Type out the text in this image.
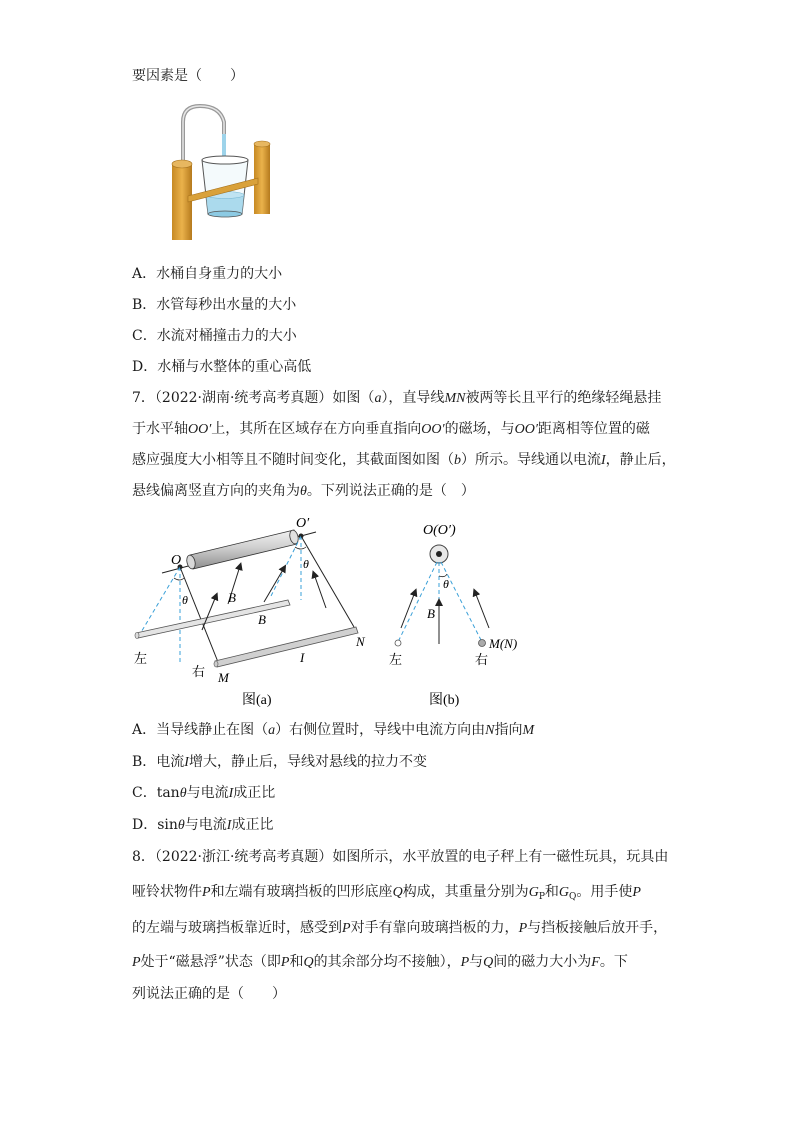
要因素是（　　）
A．水桶自身重力的大小
B．水管每秒出水量的大小
C．水流对桶撞击力的大小
D．水桶与水整体的重心高低
7．（2022·湖南·统考高考真题）如图（a），直导线MN被两等长且平行的绝缘轻绳悬挂
于水平轴OO′上，其所在区域存在方向垂直指向OO′的磁场，与OO′距离相等位置的磁
感应强度大小相等且不随时间变化，其截面图如图（b）所示。导线通以电流I，静止后，
悬线偏离竖直方向的夹角为θ。下列说法正确的是（　）
O
O′
θ
θ
B
B
I
N
M
左
右
图(a)
O(O′)
θ
B
M(N)
左	右
图(b)
A．当导线静止在图（a）右侧位置时，导线中电流方向由N指向M
B．电流I增大，静止后，导线对悬线的拉力不变
C．tanθ与电流I成正比
D．sinθ与电流I成正比
8．（2022·浙江·统考高考真题）如图所示，水平放置的电子秤上有一磁性玩具，玩具由
哑铃状物件P和左端有玻璃挡板的凹形底座Q构成，其重量分别为$G_P$和$G_Q$。用手使P
的左端与玻璃挡板靠近时，感受到P对手有靠向玻璃挡板的力，P与挡板接触后放开手，
P处于“磁悬浮”状态（即P和Q的其余部分均不接触），P与Q间的磁力大小为F。下
列说法正确的是（　　）
